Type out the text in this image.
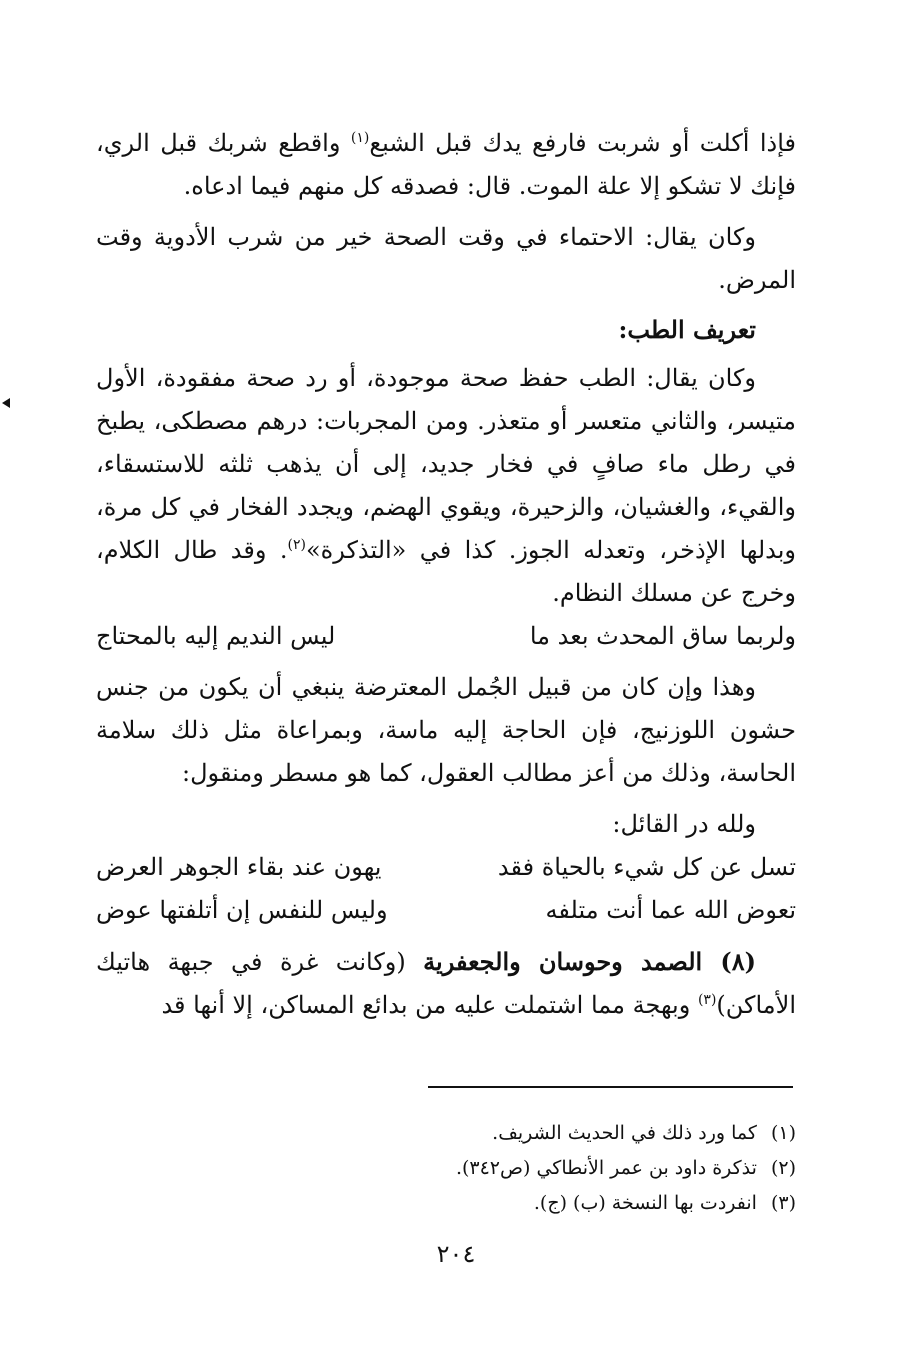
فإذا أكلت أو شربت فارفع يدك قبل الشبع$^{(١)}$ واقطع شربك قبل الري، فإنك لا تشكو إلا علة الموت. قال: فصدقه كل منهم فيما ادعاه.

وكان يقال: الاحتماء في وقت الصحة خير من شرب الأدوية وقت المرض.

تعريف الطب:

وكان يقال: الطب حفظ صحة موجودة، أو رد صحة مفقودة، الأول متيسر، والثاني متعسر أو متعذر. ومن المجربات: درهم مصطكى، يطبخ في رطل ماء صافٍ في فخار جديد، إلى أن يذهب ثلثه للاستسقاء، والقيء، والغشيان، والزحيرة، ويقوي الهضم، ويجدد الفخار في كل مرة، وبدلها الإذخر، وتعدله الجوز. كذا في «التذكرة»$^{(٢)}$. وقد طال الكلام، وخرج عن مسلك النظام.

ولربما ساق المحدث بعد ما
ليس النديم إليه بالمحتاج

وهذا وإن كان من قبيل الجُمل المعترضة ينبغي أن يكون من جنس حشون اللوزنيج، فإن الحاجة إليه ماسة، وبمراعاة مثل ذلك سلامة الحاسة، وذلك من أعز مطالب العقول، كما هو مسطر ومنقول:

ولله در القائل:

تسل عن كل شيء بالحياة فقد
يهون عند بقاء الجوهر العرض
تعوض الله عما أنت متلفه
وليس للنفس إن أتلفتها عوض

(٨) الصمد وحوسان والجعفرية (وكانت غرة في جبهة هاتيك الأماكن)$^{(٣)}$ وبهجة مما اشتملت عليه من بدائع المساكن، إلا أنها قد

(١)كما ورد ذلك في الحديث الشريف.
(٢)تذكرة داود بن عمر الأنطاكي (ص٣٤٢).
(٣)انفردت بها النسخة (ب) (ج).
٢٠٤
